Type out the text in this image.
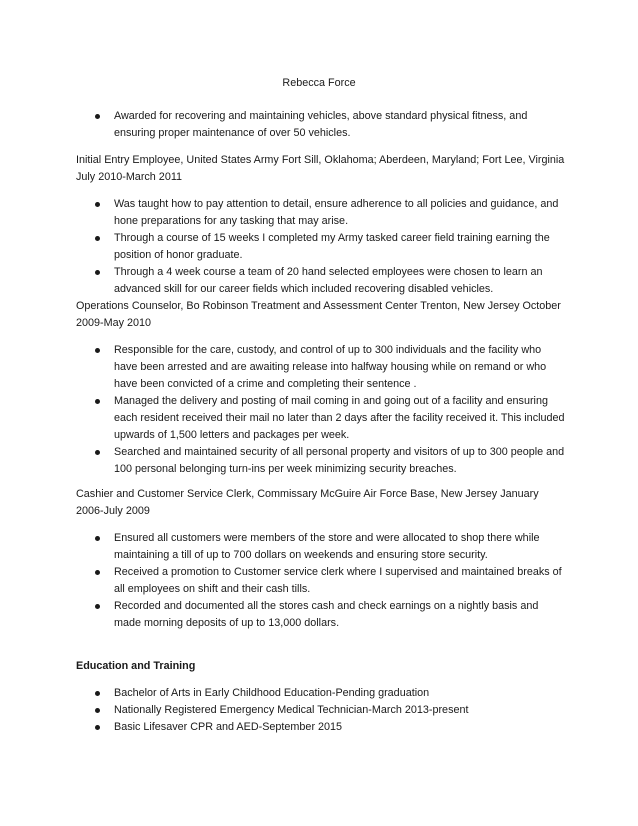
Rebecca Force
Awarded for recovering and maintaining vehicles, above standard physical fitness, and ensuring proper maintenance of over 50 vehicles.
Initial Entry Employee, United States Army Fort Sill, Oklahoma; Aberdeen, Maryland; Fort Lee, Virginia July 2010-March 2011
Was taught how to pay attention to detail, ensure adherence to all policies and guidance, and hone preparations for any tasking that may arise.
Through a course of 15 weeks I completed my Army tasked career field training earning the position of honor graduate.
Through a 4 week course a team of 20 hand selected employees were chosen to learn an advanced skill for our career fields which included recovering disabled vehicles.
Operations Counselor, Bo Robinson Treatment and Assessment Center Trenton, New Jersey October 2009-May 2010
Responsible for the care, custody, and control of up to 300 individuals and the facility who have been arrested and are awaiting release into halfway housing while on remand or who have been convicted of a crime and completing their sentence .
Managed the delivery and posting of mail coming in and going out of a facility and ensuring each resident received their mail no later than 2 days after the facility received it. This included upwards of 1,500 letters and packages per week.
Searched and maintained security of all personal property and visitors of up to 300 people and 100 personal belonging turn-ins per week minimizing security breaches.
Cashier and Customer Service Clerk, Commissary McGuire Air Force Base, New Jersey January 2006-July 2009
Ensured all customers were members of the store and were allocated to shop there while maintaining a till of up to 700 dollars on weekends and ensuring store security.
Received a promotion to Customer service clerk where I supervised and maintained breaks of all employees on shift and their cash tills.
Recorded and documented all the stores cash and check earnings on a nightly basis and made morning deposits of up to 13,000 dollars.
Education and Training
Bachelor of Arts in Early Childhood Education-Pending graduation
Nationally Registered Emergency Medical Technician-March 2013-present
Basic Lifesaver CPR and AED-September 2015
